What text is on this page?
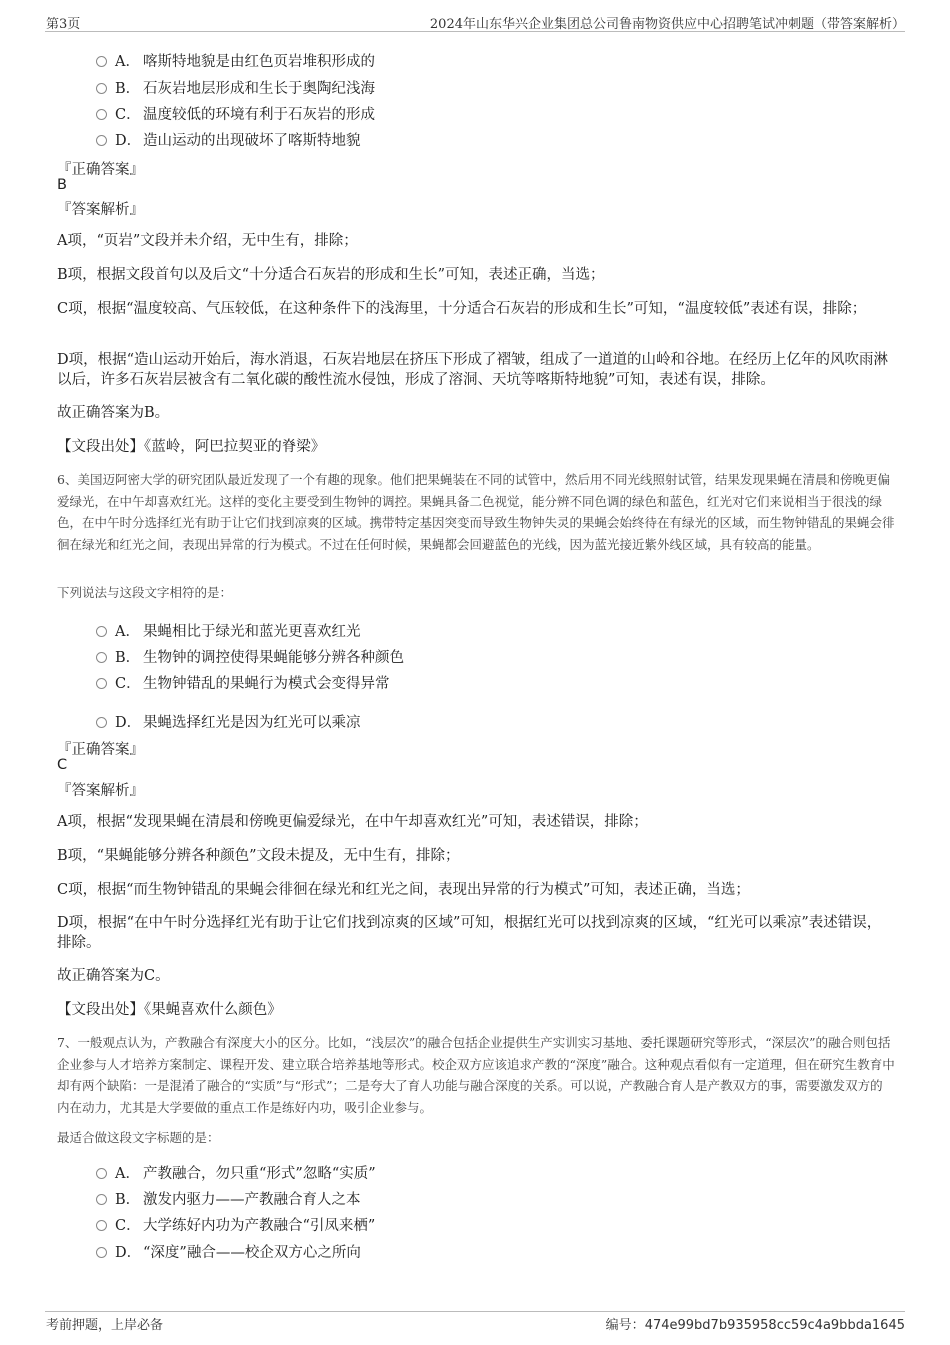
第3页	2024年山东华兴企业集团总公司鲁南物资供应中心招聘笔试冲刺题（带答案解析）
A． 喀斯特地貌是由红色页岩堆积形成的
B． 石灰岩地层形成和生长于奥陶纪浅海
C． 温度较低的环境有利于石灰岩的形成
D． 造山运动的出现破坏了喀斯特地貌
『正确答案』
B
『答案解析』
A项，“页岩”文段并未介绍，无中生有，排除；
B项，根据文段首句以及后文“十分适合石灰岩的形成和生长”可知，表述正确，当选；
C项，根据“温度较高、气压较低，在这种条件下的浅海里，十分适合石灰岩的形成和生长”可知，“温度较低”表述有误，排除；
D项，根据“造山运动开始后，海水消退，石灰岩地层在挤压下形成了褶皱，组成了一道道的山岭和谷地。在经历上亿年的风吹雨淋以后，许多石灰岩层被含有二氧化碳的酸性流水侵蚀，形成了溶洞、天坑等喀斯特地貌”可知，表述有误，排除。
故正确答案为B。
【文段出处】《蓝岭，阿巴拉契亚的脊梁》
6、美国迈阿密大学的研究团队最近发现了一个有趣的现象。他们把果蝇装在不同的试管中，然后用不同光线照射试管，结果发现果蝇在清晨和傍晚更偏爱绿光，在中午却喜欢红光。这样的变化主要受到生物钟的调控。果蝇具备二色视觉，能分辨不同色调的绿色和蓝色，红光对它们来说相当于很浅的绿色，在中午时分选择红光有助于让它们找到凉爽的区域。携带特定基因突变而导致生物钟失灵的果蝇会始终待在有绿光的区域，而生物钟错乱的果蝇会徘徊在绿光和红光之间，表现出异常的行为模式。不过在任何时候，果蝇都会回避蓝色的光线，因为蓝光接近紫外线区域，具有较高的能量。
下列说法与这段文字相符的是：
A． 果蝇相比于绿光和蓝光更喜欢红光
B． 生物钟的调控使得果蝇能够分辨各种颜色
C． 生物钟错乱的果蝇行为模式会变得异常
D． 果蝇选择红光是因为红光可以乘凉
『正确答案』
C
『答案解析』
A项，根据“发现果蝇在清晨和傍晚更偏爱绿光，在中午却喜欢红光”可知，表述错误，排除；
B项，“果蝇能够分辨各种颜色”文段未提及，无中生有，排除；
C项，根据“而生物钟错乱的果蝇会徘徊在绿光和红光之间，表现出异常的行为模式”可知，表述正确，当选；
D项，根据“在中午时分选择红光有助于让它们找到凉爽的区域”可知，根据红光可以找到凉爽的区域，“红光可以乘凉”表述错误，排除。
故正确答案为C。
【文段出处】《果蝇喜欢什么颜色》
7、一般观点认为，产教融合有深度大小的区分。比如，“浅层次”的融合包括企业提供生产实训实习基地、委托课题研究等形式，“深层次”的融合则包括企业参与人才培养方案制定、课程开发、建立联合培养基地等形式。校企双方应该追求产教的“深度”融合。这种观点看似有一定道理，但在研究生教育中却有两个缺陷：一是混淆了融合的“实质”与“形式”；二是夸大了育人功能与融合深度的关系。可以说，产教融合育人是产教双方的事，需要激发双方的内在动力，尤其是大学要做的重点工作是练好内功，吸引企业参与。
最适合做这段文字标题的是：
A． 产教融合，勿只重“形式”忽略“实质”
B． 激发内驱力——产教融合育人之本
C． 大学练好内功为产教融合“引凤来栖”
D． “深度”融合——校企双方心之所向
考前押题，上岸必备	编号：474e99bd7b935958cc59c4a9bbda1645
